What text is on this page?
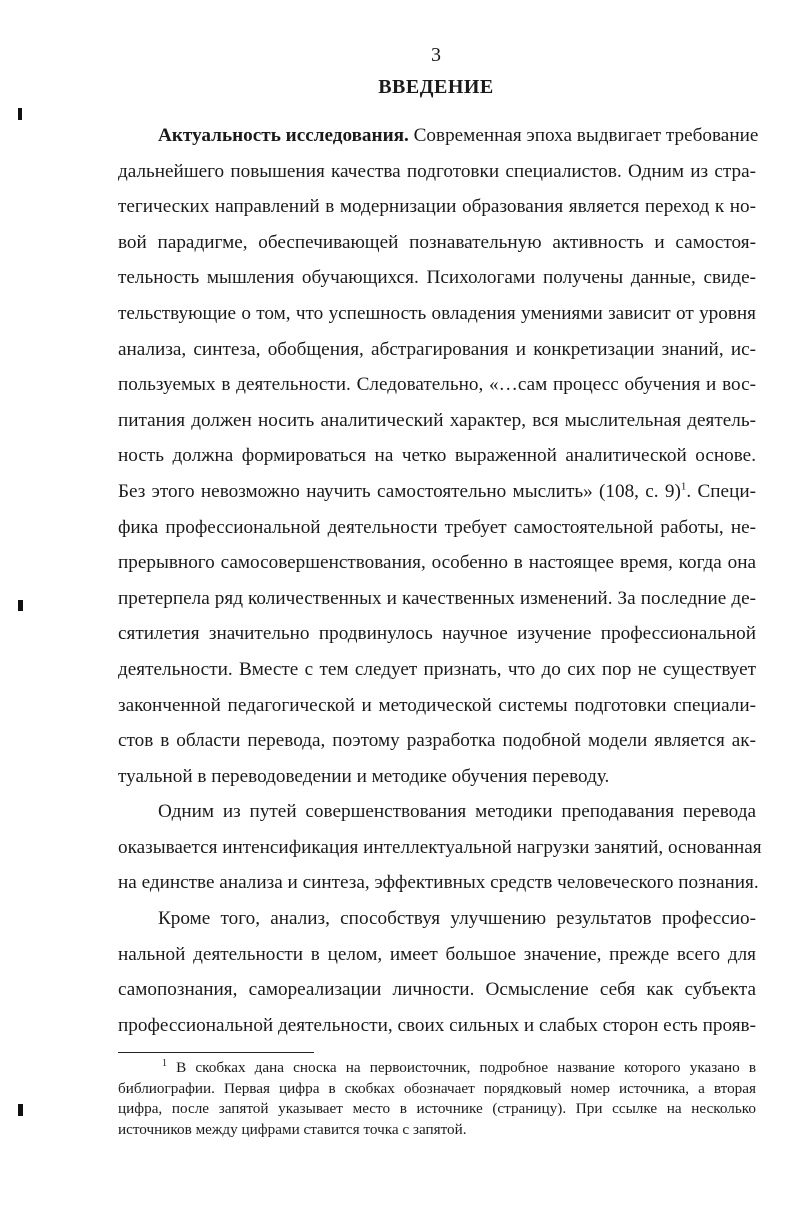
3
ВВЕДЕНИЕ
Актуальность исследования. Современная эпоха выдвигает требование
дальнейшего повышения качества подготовки специалистов. Одним из стра-
тегических направлений в модернизации образования является переход к но-
вой парадигме, обеспечивающей познавательную активность и самостоя-
тельность мышления обучающихся. Психологами получены данные, свиде-
тельствующие о том, что успешность овладения умениями зависит от уровня
анализа, синтеза, обобщения, абстрагирования и конкретизации знаний, ис-
пользуемых в деятельности. Следовательно, «…сам процесс обучения и вос-
питания должен носить аналитический характер, вся мыслительная деятель-
ность должна формироваться на четко выраженной аналитической основе.
Без этого невозможно научить самостоятельно мыслить» (108, с. 9)$^1$. Специ-
фика профессиональной деятельности требует самостоятельной работы, не-
прерывного самосовершенствования, особенно в настоящее время, когда она
претерпела ряд количественных и качественных изменений. За последние де-
сятилетия значительно продвинулось научное изучение профессиональной
деятельности. Вместе с тем следует признать, что до сих пор не существует
законченной педагогической и методической системы подготовки специали-
стов в области перевода, поэтому разработка подобной модели является ак-
туальной в переводоведении и методике обучения переводу.
Одним из путей совершенствования методики преподавания перевода
оказывается интенсификация интеллектуальной нагрузки занятий, основанная
на единстве анализа и синтеза, эффективных средств человеческого познания.
Кроме того, анализ, способствуя улучшению результатов профессио-
нальной деятельности в целом, имеет большое значение, прежде всего для
самопознания, самореализации личности. Осмысление себя как субъекта
профессиональной деятельности, своих сильных и слабых сторон есть прояв-
$^1$ В скобках дана сноска на первоисточник, подробное название которого указано в
библиографии. Первая цифра в скобках обозначает порядковый номер источника, а вторая
цифра, после запятой указывает место в источнике (страницу). При ссылке на несколько
источников между цифрами ставится точка с запятой.
